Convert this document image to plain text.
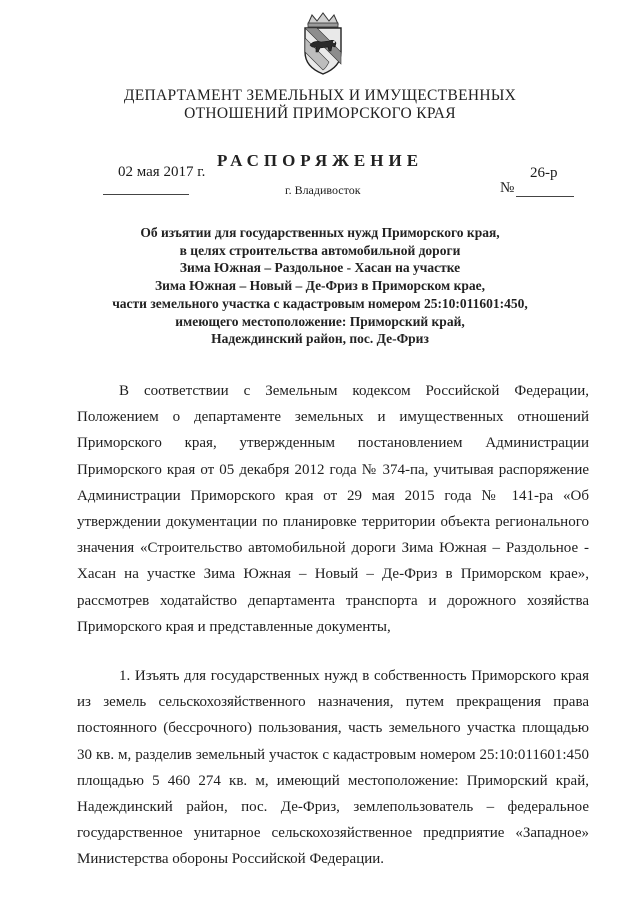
ДЕПАРТАМЕНТ ЗЕМЕЛЬНЫХ И ИМУЩЕСТВЕННЫХ
ОТНОШЕНИЙ ПРИМОРСКОГО КРАЯ
РАСПОРЯЖЕНИЕ
02 мая 2017 г.
г. Владивосток
26-р
№
Об изъятии для государственных нужд Приморского края,
в целях строительства автомобильной дороги
Зима Южная – Раздольное - Хасан на участке
Зима Южная – Новый – Де-Фриз в Приморском крае,
части земельного участка с кадастровым номером 25:10:011601:450,
имеющего местоположение: Приморский край,
Надеждинский район, пос. Де-Фриз
В соответствии с Земельным кодексом Российской Федерации, Положением о департаменте земельных и имущественных отношений Приморского края, утвержденным постановлением Администрации Приморского края от 05 декабря 2012 года № 374-па, учитывая распоряжение Администрации Приморского края от 29 мая 2015 года № 141-ра «Об утверждении документации по планировке территории объекта регионального значения «Строительство автомобильной дороги Зима Южная – Раздольное - Хасан на участке Зима Южная – Новый – Де-Фриз в Приморском крае», рассмотрев ходатайство департамента транспорта и дорожного хозяйства Приморского края и представленные документы,
1. Изъять для государственных нужд в собственность Приморского края из земель сельскохозяйственного назначения, путем прекращения права постоянного (бессрочного) пользования, часть земельного участка площадью 30 кв. м, разделив земельный участок с кадастровым номером 25:10:011601:450 площадью 5 460 274 кв. м, имеющий местоположение: Приморский край, Надеждинский район, пос. Де-Фриз, землепользователь – федеральное государственное унитарное сельскохозяйственное предприятие «Западное» Министерства обороны Российской Федерации.
